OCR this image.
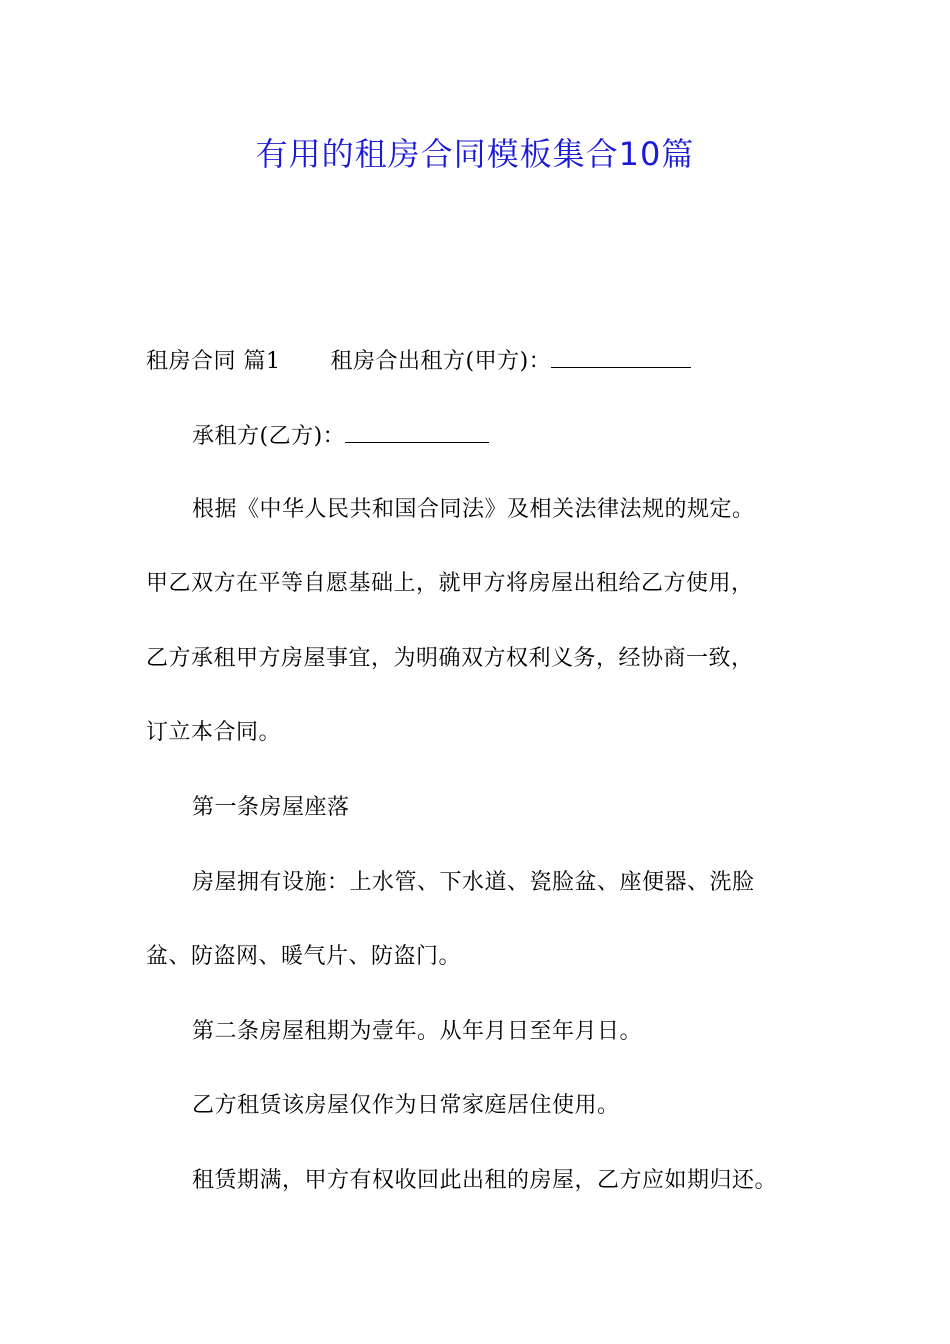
有用的租房合同模板集合10篇
租房合同 篇1 租房合出租方(甲方)：
承租方(乙方)：
根据《中华人民共和国合同法》及相关法律法规的规定。
甲乙双方在平等自愿基础上，就甲方将房屋出租给乙方使用，
乙方承租甲方房屋事宜，为明确双方权利义务，经协商一致，
订立本合同。
第一条房屋座落
房屋拥有设施：上水管、下水道、瓷脸盆、座便器、洗脸
盆、防盗网、暖气片、防盗门。
第二条房屋租期为壹年。从年月日至年月日。
乙方租赁该房屋仅作为日常家庭居住使用。
租赁期满，甲方有权收回此出租的房屋，乙方应如期归还。
